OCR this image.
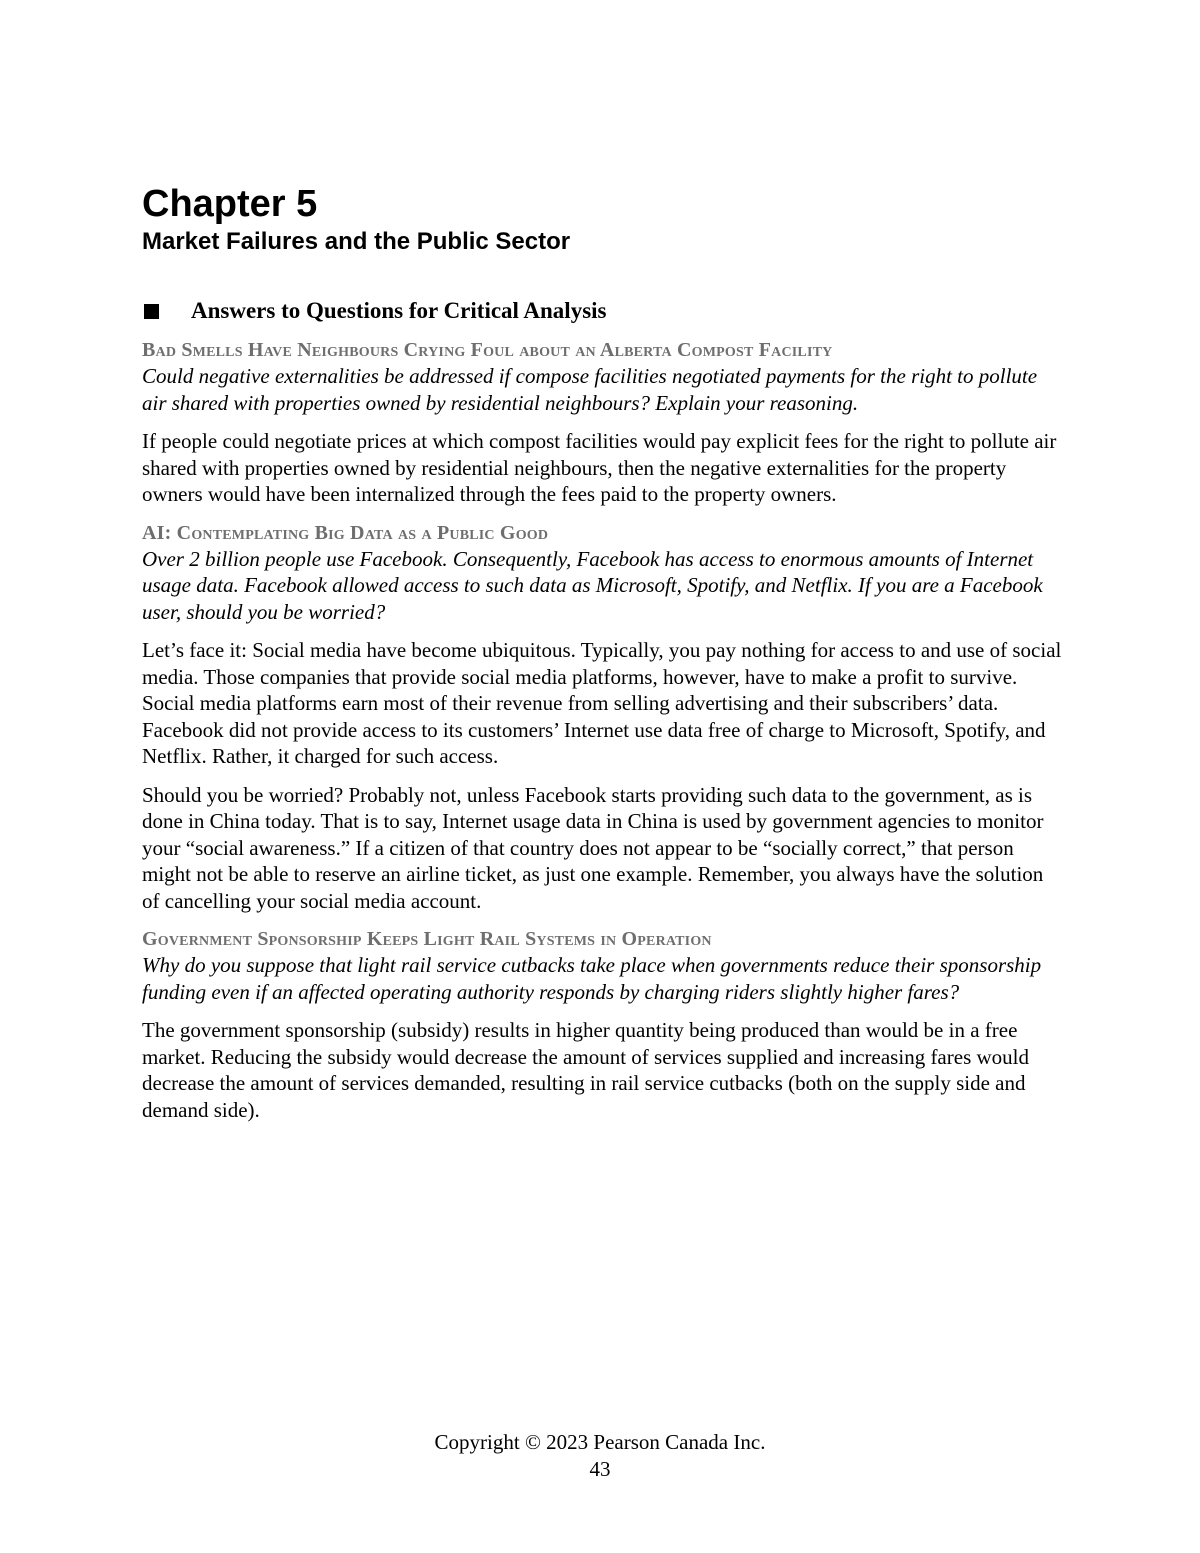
Chapter 5
Market Failures and the Public Sector
Answers to Questions for Critical Analysis
Bad Smells Have Neighbours Crying Foul about an Alberta Compost Facility

Could negative externalities be addressed if compose facilities negotiated payments for the right to pollute air shared with properties owned by residential neighbours? Explain your reasoning.

If people could negotiate prices at which compost facilities would pay explicit fees for the right to pollute air shared with properties owned by residential neighbours, then the negative externalities for the property owners would have been internalized through the fees paid to the property owners.

AI: Contemplating Big Data as a Public Good

Over 2 billion people use Facebook. Consequently, Facebook has access to enormous amounts of Internet usage data. Facebook allowed access to such data as Microsoft, Spotify, and Netflix. If you are a Facebook user, should you be worried?

Let’s face it: Social media have become ubiquitous. Typically, you pay nothing for access to and use of social media. Those companies that provide social media platforms, however, have to make a profit to survive. Social media platforms earn most of their revenue from selling advertising and their subscribers’ data. Facebook did not provide access to its customers’ Internet use data free of charge to Microsoft, Spotify, and Netflix. Rather, it charged for such access.

Should you be worried? Probably not, unless Facebook starts providing such data to the government, as is done in China today. That is to say, Internet usage data in China is used by government agencies to monitor your “social awareness.” If a citizen of that country does not appear to be “socially correct,” that person might not be able to reserve an airline ticket, as just one example. Remember, you always have the solution of cancelling your social media account.

Government Sponsorship Keeps Light Rail Systems in Operation

Why do you suppose that light rail service cutbacks take place when governments reduce their sponsorship funding even if an affected operating authority responds by charging riders slightly higher fares?

The government sponsorship (subsidy) results in higher quantity being produced than would be in a free market. Reducing the subsidy would decrease the amount of services supplied and increasing fares would decrease the amount of services demanded, resulting in rail service cutbacks (both on the supply side and demand side).

Copyright © 2023 Pearson Canada Inc.
43
